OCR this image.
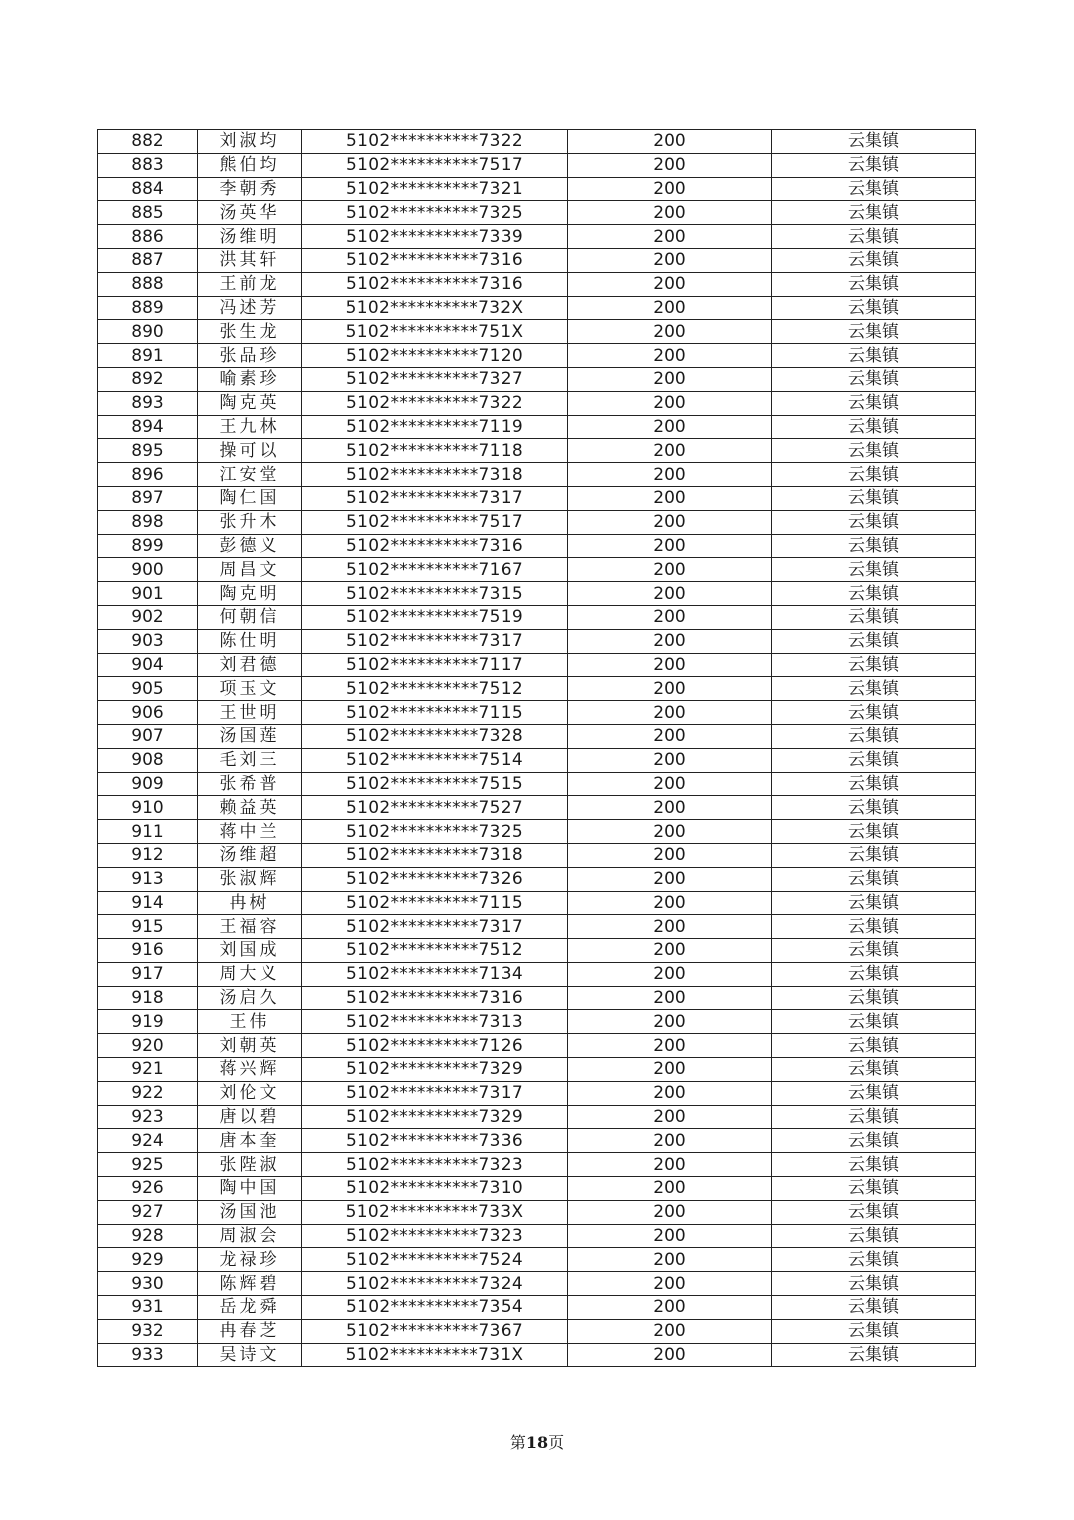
882	刘淑均	5102**********7322	200	云集镇
883	熊伯均	5102**********7517	200	云集镇
884	李朝秀	5102**********7321	200	云集镇
885	汤英华	5102**********7325	200	云集镇
886	汤维明	5102**********7339	200	云集镇
887	洪其轩	5102**********7316	200	云集镇
888	王前龙	5102**********7316	200	云集镇
889	冯述芳	5102**********732X	200	云集镇
890	张生龙	5102**********751X	200	云集镇
891	张品珍	5102**********7120	200	云集镇
892	喻素珍	5102**********7327	200	云集镇
893	陶克英	5102**********7322	200	云集镇
894	王九林	5102**********7119	200	云集镇
895	操可以	5102**********7118	200	云集镇
896	江安堂	5102**********7318	200	云集镇
897	陶仁国	5102**********7317	200	云集镇
898	张升木	5102**********7517	200	云集镇
899	彭德义	5102**********7316	200	云集镇
900	周昌文	5102**********7167	200	云集镇
901	陶克明	5102**********7315	200	云集镇
902	何朝信	5102**********7519	200	云集镇
903	陈仕明	5102**********7317	200	云集镇
904	刘君德	5102**********7117	200	云集镇
905	项玉文	5102**********7512	200	云集镇
906	王世明	5102**********7115	200	云集镇
907	汤国莲	5102**********7328	200	云集镇
908	毛刘三	5102**********7514	200	云集镇
909	张希普	5102**********7515	200	云集镇
910	赖益英	5102**********7527	200	云集镇
911	蒋中兰	5102**********7325	200	云集镇
912	汤维超	5102**********7318	200	云集镇
913	张淑辉	5102**********7326	200	云集镇
914	冉树	5102**********7115	200	云集镇
915	王福容	5102**********7317	200	云集镇
916	刘国成	5102**********7512	200	云集镇
917	周大义	5102**********7134	200	云集镇
918	汤启久	5102**********7316	200	云集镇
919	王伟	5102**********7313	200	云集镇
920	刘朝英	5102**********7126	200	云集镇
921	蒋兴辉	5102**********7329	200	云集镇
922	刘伦文	5102**********7317	200	云集镇
923	唐以碧	5102**********7329	200	云集镇
924	唐本奎	5102**********7336	200	云集镇
925	张陛淑	5102**********7323	200	云集镇
926	陶中国	5102**********7310	200	云集镇
927	汤国池	5102**********733X	200	云集镇
928	周淑会	5102**********7323	200	云集镇
929	龙禄珍	5102**********7524	200	云集镇
930	陈辉碧	5102**********7324	200	云集镇
931	岳龙舜	5102**********7354	200	云集镇
932	冉春芝	5102**********7367	200	云集镇
933	吴诗文	5102**********731X	200	云集镇
第18页
